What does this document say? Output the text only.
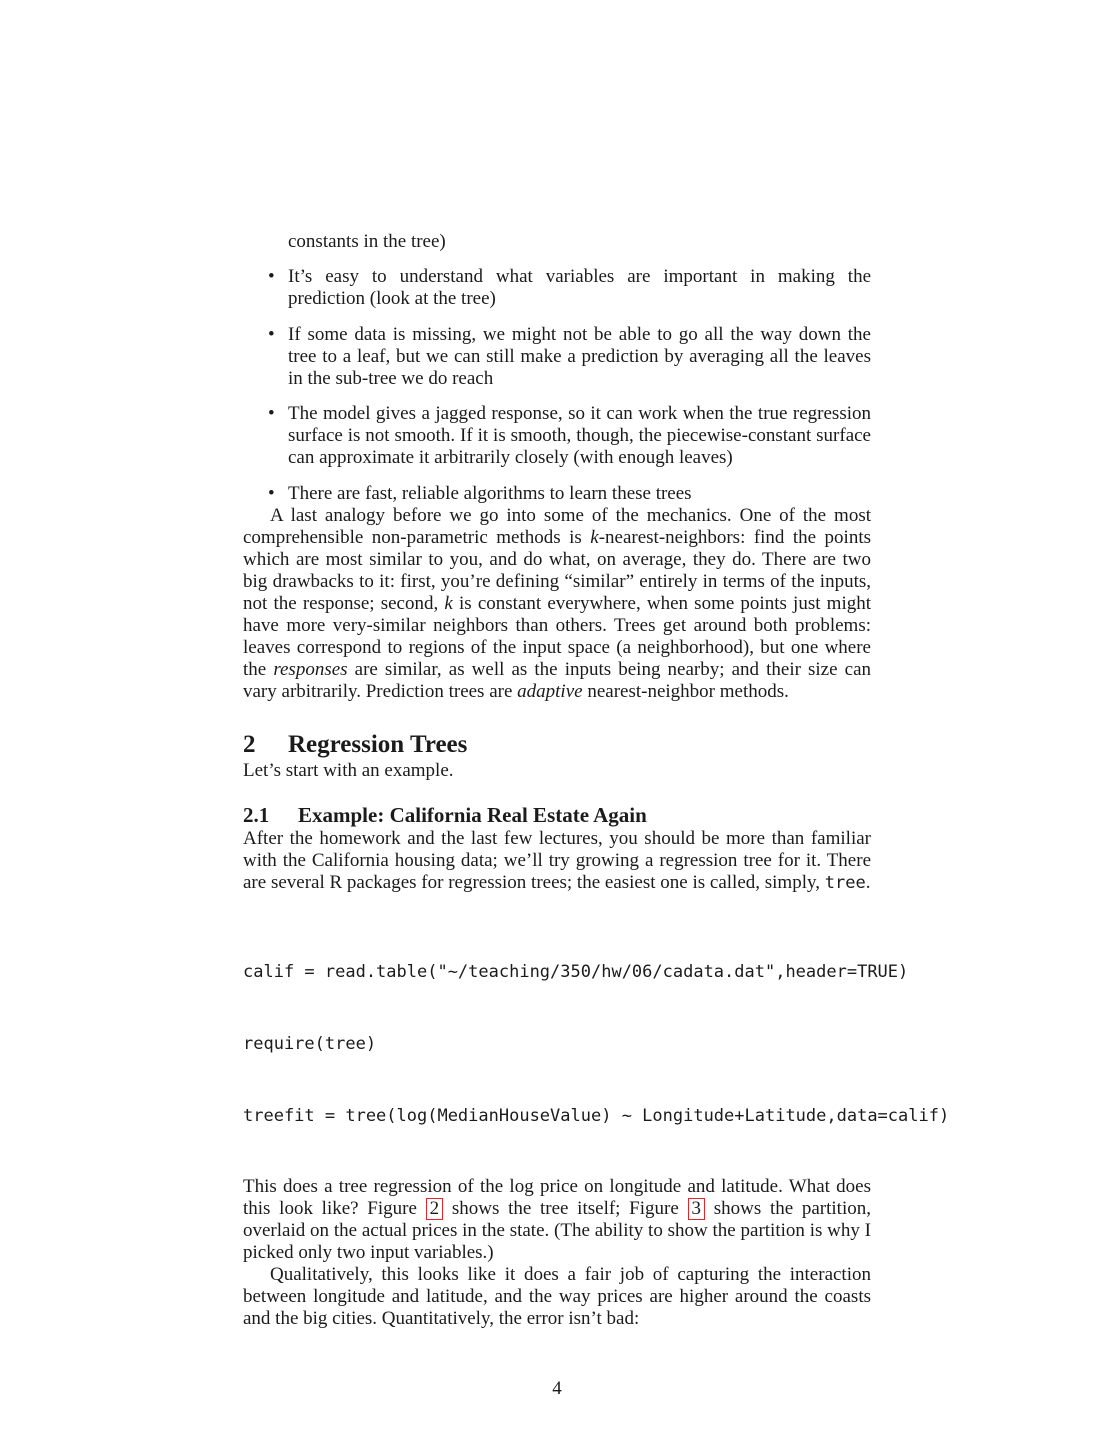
constants in the tree)
• It’s easy to understand what variables are important in making the prediction (look at the tree)
• If some data is missing, we might not be able to go all the way down the tree to a leaf, but we can still make a prediction by averaging all the leaves in the sub-tree we do reach
• The model gives a jagged response, so it can work when the true regression surface is not smooth. If it is smooth, though, the piecewise-constant surface can approximate it arbitrarily closely (with enough leaves)
• There are fast, reliable algorithms to learn these trees

A last analogy before we go into some of the mechanics. One of the most comprehensible non-parametric methods is k-nearest-neighbors: find the points which are most similar to you, and do what, on average, they do. There are two big drawbacks to it: first, you’re defining “similar” entirely in terms of the inputs, not the response; second, k is constant everywhere, when some points just might have more very-similar neighbors than others. Trees get around both problems: leaves correspond to regions of the input space (a neighborhood), but one where the responses are similar, as well as the inputs being nearby; and their size can vary arbitrarily. Prediction trees are adaptive nearest-neighbor methods.

2 Regression Trees

Let’s start with an example.

2.1 Example: California Real Estate Again

After the homework and the last few lectures, you should be more than familiar with the California housing data; we’ll try growing a regression tree for it. There are several R packages for regression trees; the easiest one is called, simply, tree.

calif = read.table("~/teaching/350/hw/06/cadata.dat",header=TRUE)

require(tree)

treefit = tree(log(MedianHouseValue) ~ Longitude+Latitude,data=calif)

This does a tree regression of the log price on longitude and latitude. What does this look like? Figure 2 shows the tree itself; Figure 3 shows the partition, overlaid on the actual prices in the state. (The ability to show the partition is why I picked only two input variables.)

Qualitatively, this looks like it does a fair job of capturing the interaction between longitude and latitude, and the way prices are higher around the coasts and the big cities. Quantitatively, the error isn’t bad:

4
